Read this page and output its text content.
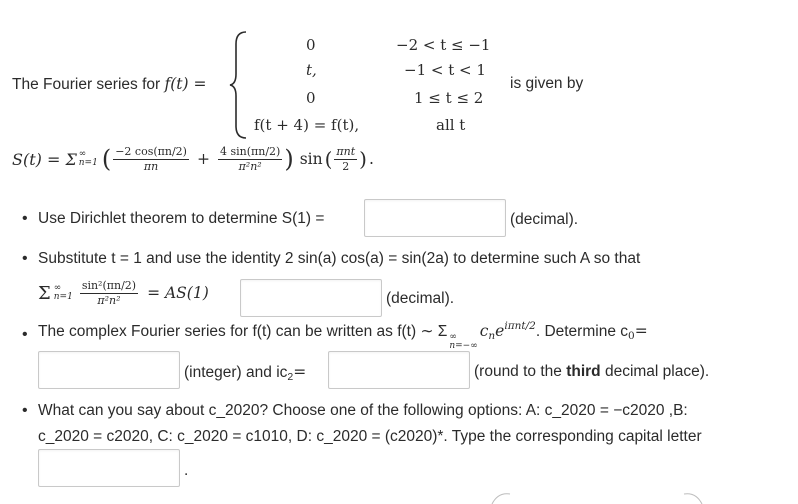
The Fourier series for f(t) =
0	−2 < t ≤ −1
t,	−1 < t < 1
0	1 ≤ t ≤ 2
f(t + 4) = f(t),	all t
is given by
S(t) = Σ ∞
n=1 ( $\frac{-2 \cos(\pi n/2)}{\pi n} + \frac{4 \sin(\pi n/2)}{\text{π²n²}}$ ) sin ( $\frac{\text{πnt}}{2}$ ) .
• Use Dirichlet theorem to determine S(1) =	(decimal).
• Substitute t = 1 and use the identity 2 sin(a) cos(a) = sin(2a) to determine such A so that
Σ ∞
$n=1 \frac{\text{sin²(πn/2)}}{\text{π²n²}} = AS(1)$	(decimal).
• The complex Fourier series for f(t) can be written as f(t) ∼ Σ ∞
n=−∞
c n e iπnt/2 . Determine c 0 =
(integer) and ic 2 =	(round to the third decimal place).
• What can you say about c_2020? Choose one of the following options: A: c_2020 = −c2020 ,B:
c_2020 = c2020, C: c_2020 = c1010, D: c_2020 = (c2020)*. Type the corresponding capital letter
.
